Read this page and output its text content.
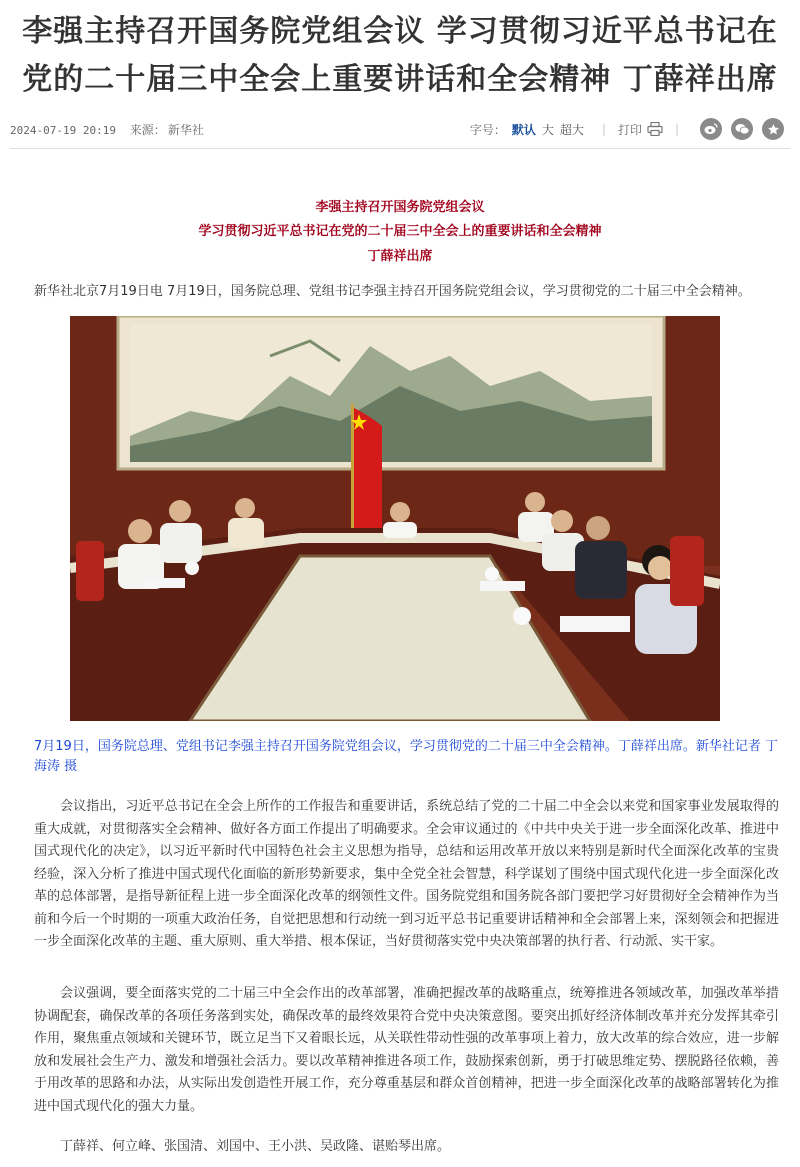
李强主持召开国务院党组会议 学习贯彻习近平总书记在党的二十届三中全会上重要讲话和全会精神 丁薛祥出席
2024-07-19 20:19 来源： 新华社	字号： 默认 大 超大 | 打印	|
李强主持召开国务院党组会议
学习贯彻习近平总书记在党的二十届三中全会上的重要讲话和全会精神
丁薛祥出席
新华社北京7月19日电 7月19日，国务院总理、党组书记李强主持召开国务院党组会议，学习贯彻党的二十届三中全会精神。
7月19日，国务院总理、党组书记李强主持召开国务院党组会议，学习贯彻党的二十届三中全会精神。丁薛祥出席。新华社记者 丁海涛 摄
会议指出，习近平总书记在全会上所作的工作报告和重要讲话，系统总结了党的二十届二中全会以来党和国家事业发展取得的重大成就，对贯彻落实全会精神、做好各方面工作提出了明确要求。全会审议通过的《中共中央关于进一步全面深化改革、推进中国式现代化的决定》，以习近平新时代中国特色社会主义思想为指导，总结和运用改革开放以来特别是新时代全面深化改革的宝贵经验，深入分析了推进中国式现代化面临的新形势新要求，集中全党全社会智慧，科学谋划了围绕中国式现代化进一步全面深化改革的总体部署，是指导新征程上进一步全面深化改革的纲领性文件。国务院党组和国务院各部门要把学习好贯彻好全会精神作为当前和今后一个时期的一项重大政治任务，自觉把思想和行动统一到习近平总书记重要讲话精神和全会部署上来，深刻领会和把握进一步全面深化改革的主题、重大原则、重大举措、根本保证，当好贯彻落实党中央决策部署的执行者、行动派、实干家。
会议强调，要全面落实党的二十届三中全会作出的改革部署，准确把握改革的战略重点，统筹推进各领域改革，加强改革举措协调配套，确保改革的各项任务落到实处，确保改革的最终效果符合党中央决策意图。要突出抓好经济体制改革并充分发挥其牵引作用，聚焦重点领域和关键环节，既立足当下又着眼长远，从关联性带动性强的改革事项上着力，放大改革的综合效应，进一步解放和发展社会生产力、激发和增强社会活力。要以改革精神推进各项工作，鼓励探索创新，勇于打破思维定势、摆脱路径依赖，善于用改革的思路和办法，从实际出发创造性开展工作，充分尊重基层和群众首创精神，把进一步全面深化改革的战略部署转化为推进中国式现代化的强大力量。
丁薛祥、何立峰、张国清、刘国中、王小洪、吴政隆、谌贻琴出席。
